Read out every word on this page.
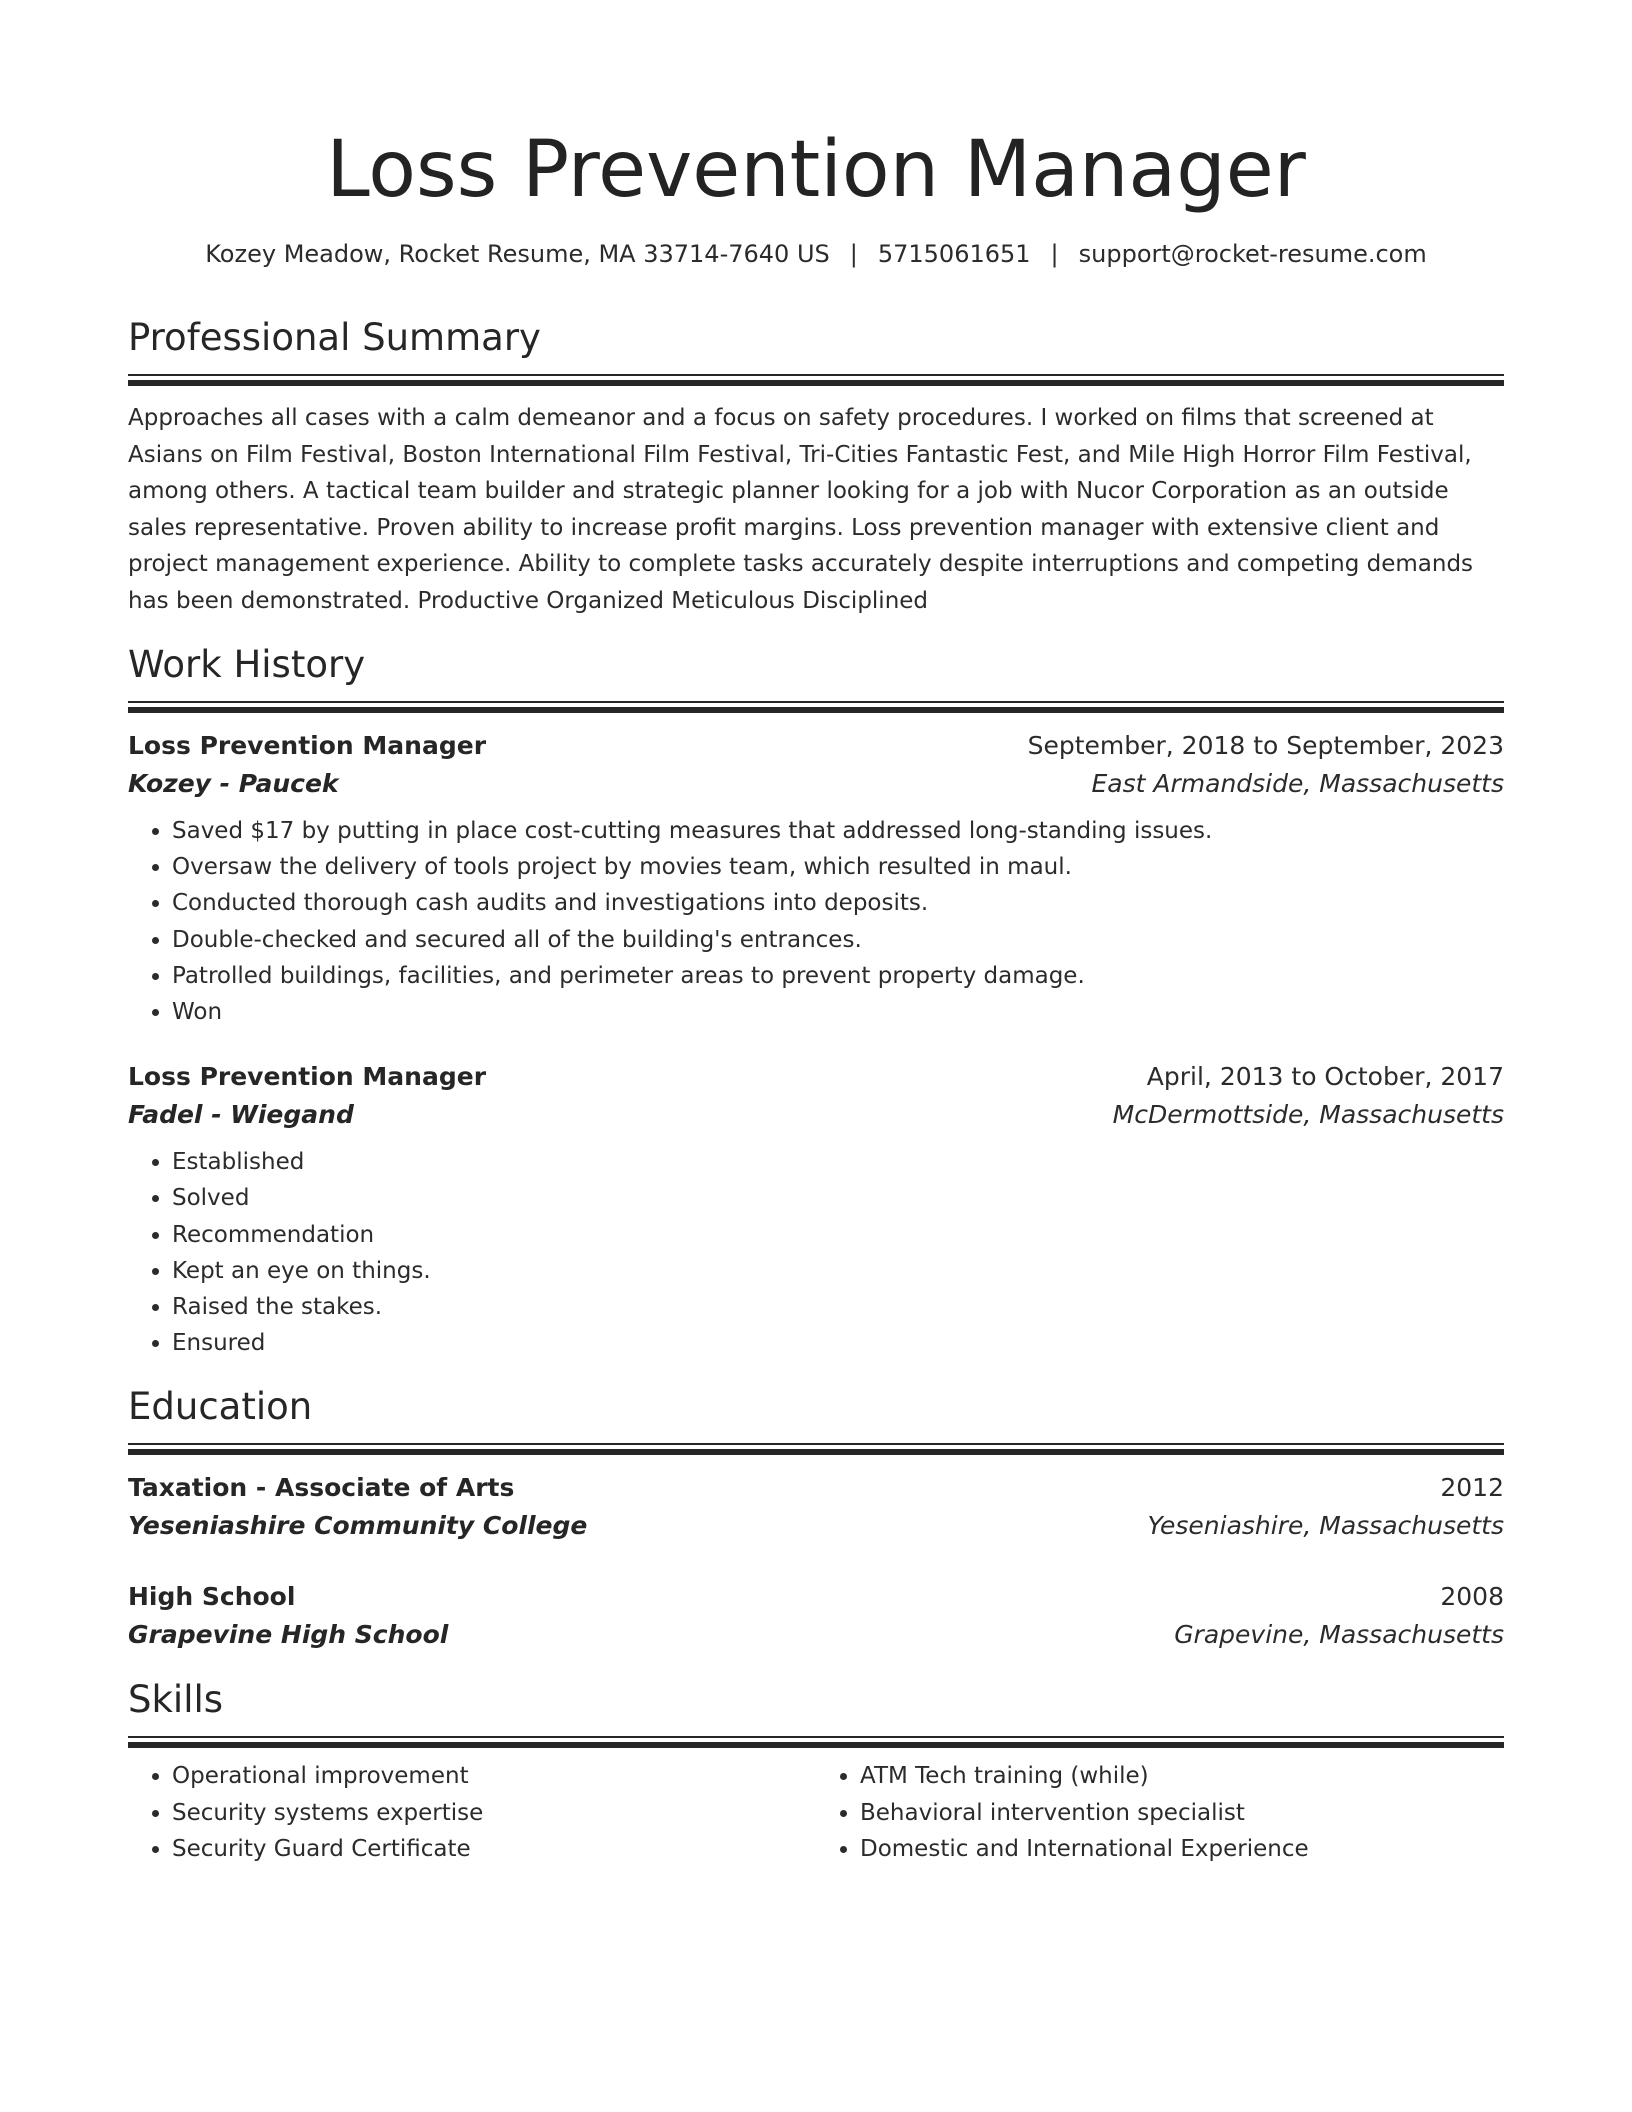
Loss Prevention Manager
Kozey Meadow, Rocket Resume, MA 33714-7640 US | 5715061651 | support@rocket-resume.com
Professional Summary

Approaches all cases with a calm demeanor and a focus on safety procedures. I worked on films that screened at Asians on Film Festival, Boston International Film Festival, Tri-Cities Fantastic Fest, and Mile High Horror Film Festival, among others. A tactical team builder and strategic planner looking for a job with Nucor Corporation as an outside sales representative. Proven ability to increase profit margins. Loss prevention manager with extensive client and project management experience. Ability to complete tasks accurately despite interruptions and competing demands has been demonstrated. Productive Organized Meticulous Disciplined

Work History
Loss Prevention Manager	September, 2018 to September, 2023
Kozey - Paucek	East Armandside, Massachusetts
• Saved $17 by putting in place cost-cutting measures that addressed long-standing issues.
• Oversaw the delivery of tools project by movies team, which resulted in maul.
• Conducted thorough cash audits and investigations into deposits.
• Double-checked and secured all of the building's entrances.
• Patrolled buildings, facilities, and perimeter areas to prevent property damage.
• Won
Loss Prevention Manager	April, 2013 to October, 2017
Fadel - Wiegand	McDermottside, Massachusetts
• Established
• Solved
• Recommendation
• Kept an eye on things.
• Raised the stakes.
• Ensured
Education
Taxation - Associate of Arts	2012
Yeseniashire Community College	Yeseniashire, Massachusetts
High School	2008
Grapevine High School	Grapevine, Massachusetts
Skills
• Operational improvement
• Security systems expertise
• Security Guard Certificate
• ATM Tech training (while)
• Behavioral intervention specialist
• Domestic and International Experience
